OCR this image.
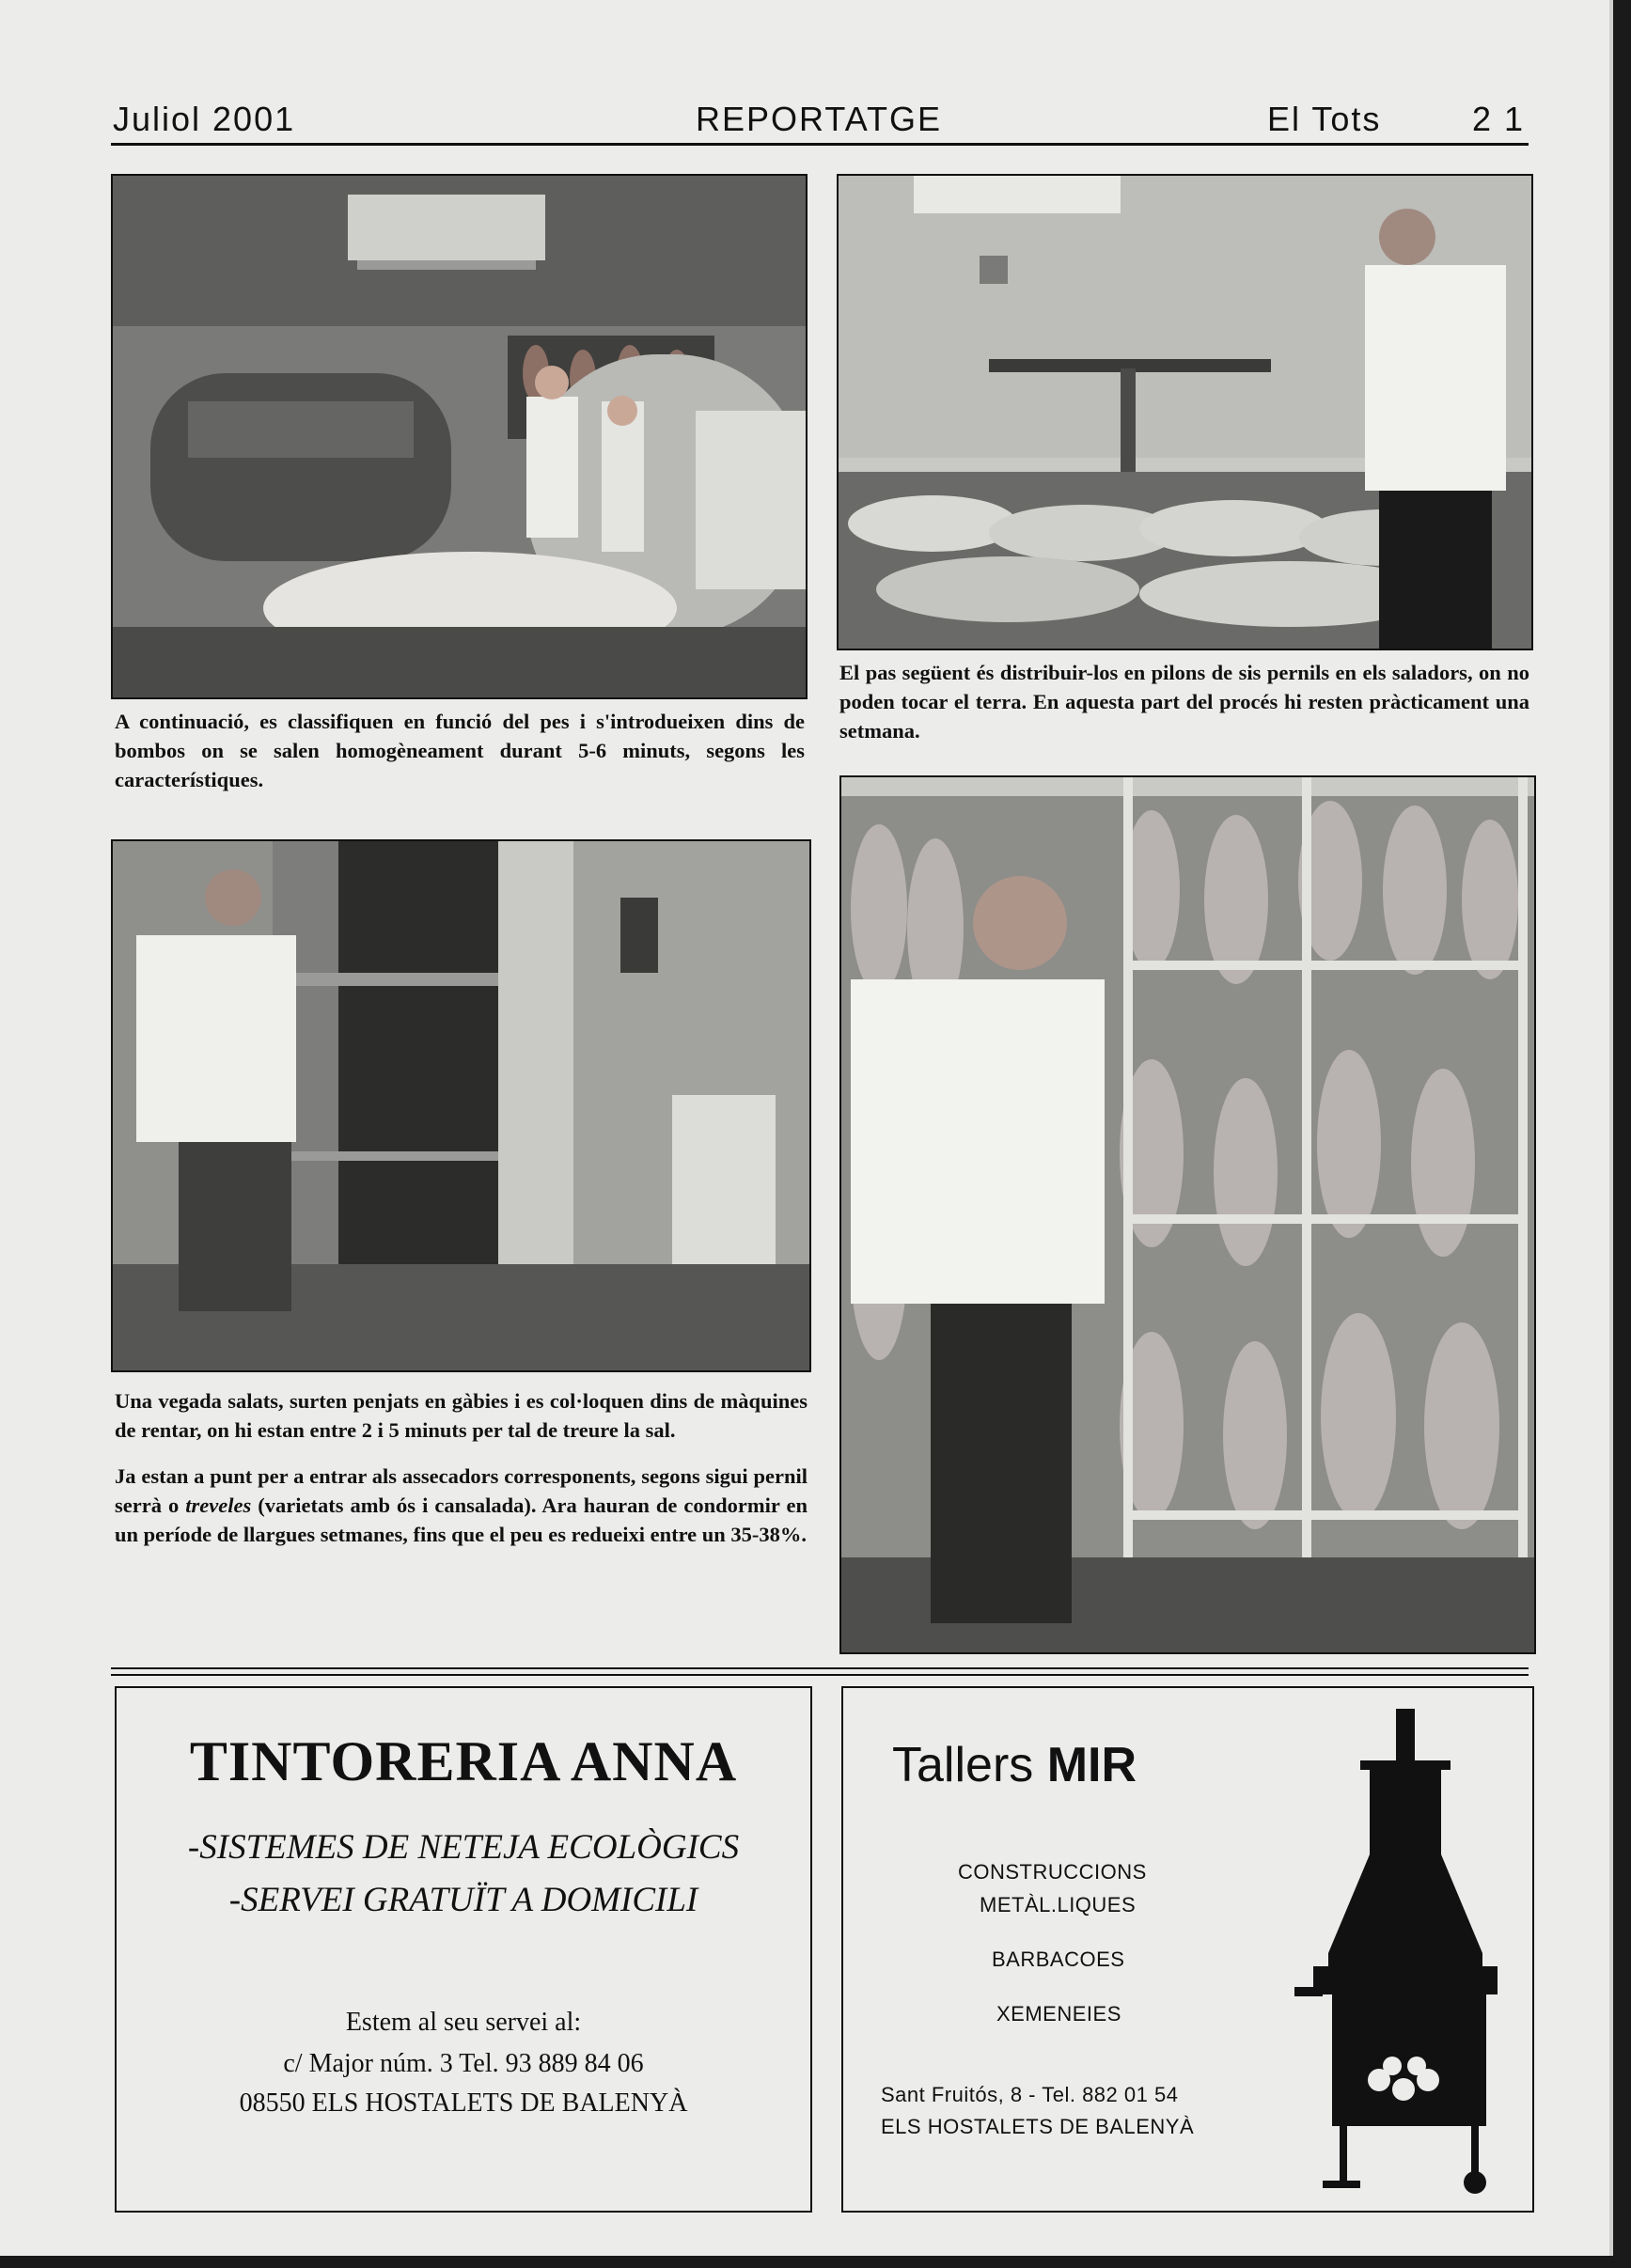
Juliol 2001	REPORTATGE	El Tots	2 1

A continuació, es classifiquen en funció del pes i s'introdueixen dins de bombos on se salen homogèneament durant 5-6 minuts, segons les característiques.

El pas següent és distribuir-los en pilons de sis pernils en els saladors, on no poden tocar el terra. En aquesta part del procés hi resten pràcticament una setmana.

Una vegada salats, surten penjats en gàbies i es col·loquen dins de màquines de rentar, on hi estan entre 2 i 5 minuts per tal de treure la sal.

Ja estan a punt per a entrar als assecadors corresponents, segons sigui pernil serrà o treveles (varietats amb ós i cansalada). Ara hauran de condormir en un període de llargues setmanes, fins que el peu es redueixi entre un 35-38%.

TINTORERIA ANNA
-SISTEMES DE NETEJA ECOLÒGICS
-SERVEI GRATUÏT A DOMICILI
Estem al seu servei al:
c/ Major núm. 3 Tel. 93 889 84 06
08550 ELS HOSTALETS DE BALENYÀ
Tallers MIR
CONSTRUCCIONS
METÀL.LIQUES
BARBACOES
XEMENEIES
Sant Fruitós, 8 - Tel. 882 01 54
ELS HOSTALETS DE BALENYÀ
